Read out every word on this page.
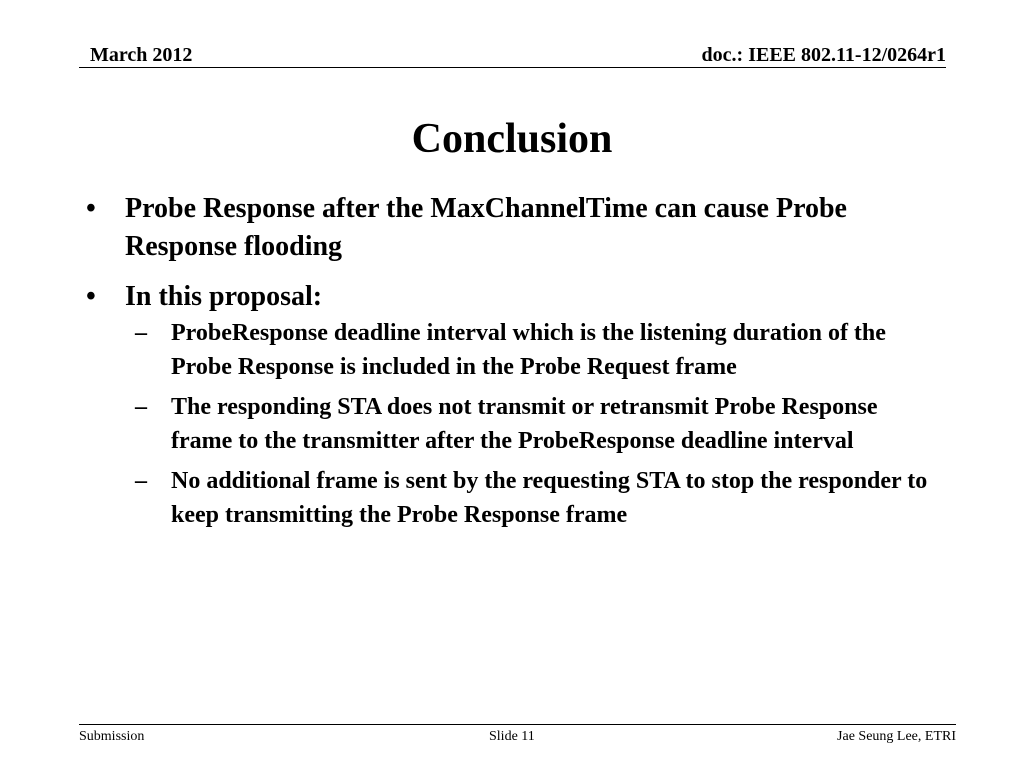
March 2012	doc.: IEEE 802.11-12/0264r1
Conclusion
• Probe Response after the MaxChannelTime can cause Probe Response flooding
• In this proposal:
– ProbeResponse deadline interval which is the listening duration of the Probe Response is included in the Probe Request frame
– The responding STA does not transmit or retransmit Probe Response frame to the transmitter after the ProbeResponse deadline interval
– No additional frame is sent by the requesting STA to stop the responder to keep transmitting the Probe Response frame
Submission	Slide 11	Jae Seung Lee, ETRI
